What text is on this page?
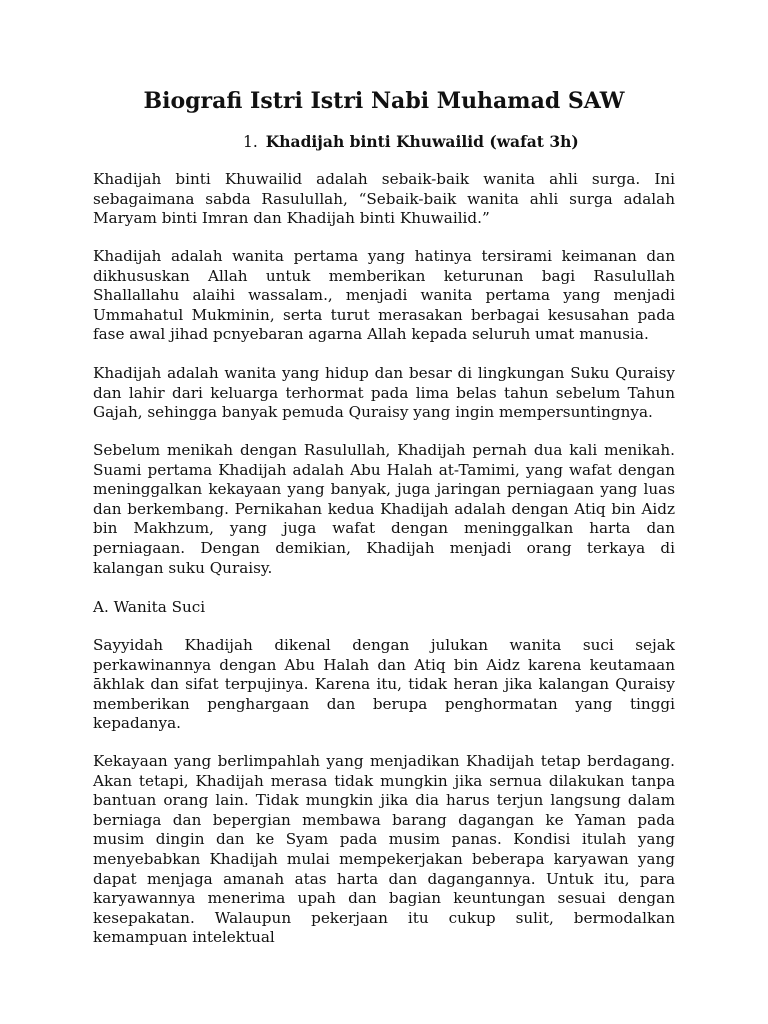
Biografi Istri Istri Nabi Muhamad SAW
1. Khadijah binti Khuwailid (wafat 3h)

Khadijah binti Khuwailid adalah sebaik-baik wanita ahli surga. Ini sebagaimana sabda Rasulullah, “Sebaik-baik wanita ahli surga adalah Maryam binti Imran dan Khadijah binti Khuwailid.”

Khadijah adalah wanita pertama yang hatinya tersirami keimanan dan dikhususkan Allah untuk memberikan keturunan bagi Rasulullah Shallallahu alaihi wassalam., menjadi wanita pertama yang menjadi Ummahatul Mukminin, serta turut merasakan berbagai kesusahan pada fase awal jihad pcnyebaran agarna Allah kepada seluruh umat manusia.

Khadijah adalah wanita yang hidup dan besar di lingkungan Suku Quraisy dan lahir dari keluarga terhormat pada lima belas tahun sebelum Tahun Gajah, sehingga banyak pemuda Quraisy yang ingin mempersuntingnya.

Sebelum menikah dengan Rasulullah, Khadijah pernah dua kali menikah. Suami pertama Khadijah adalah Abu Halah at-Tamimi, yang wafat dengan meninggalkan kekayaan yang banyak, juga jaringan perniagaan yang luas dan berkembang. Pernikahan kedua Khadijah adalah dengan Atiq bin Aidz bin Makhzum, yang juga wafat dengan meninggalkan harta dan perniagaan. Dengan demikian, Khadijah menjadi orang terkaya di kalangan suku Quraisy.

A. Wanita Suci

Sayyidah Khadijah dikenal dengan julukan wanita suci sejak perkawinannya dengan Abu Halah dan Atiq bin Aidz karena keutamaan ākhlak dan sifat terpujinya. Karena itu, tidak heran jika kalangan Quraisy memberikan penghargaan dan berupa penghormatan yang tinggi kepadanya.

Kekayaan yang berlimpahlah yang menjadikan Khadijah tetap berdagang. Akan tetapi, Khadijah merasa tidak mungkin jika sernua dilakukan tanpa bantuan orang lain. Tidak mungkin jika dia harus terjun langsung dalam berniaga dan bepergian membawa barang dagangan ke Yaman pada musim dingin dan ke Syam pada musim panas. Kondisi itulah yang menyebabkan Khadijah mulai mempekerjakan beberapa karyawan yang dapat menjaga amanah atas harta dan dagangannya. Untuk itu, para karyawannya menerima upah dan bagian keuntungan sesuai dengan kesepakatan. Walaupun pekerjaan itu cukup sulit, bermodalkan kemampuan intelektual
